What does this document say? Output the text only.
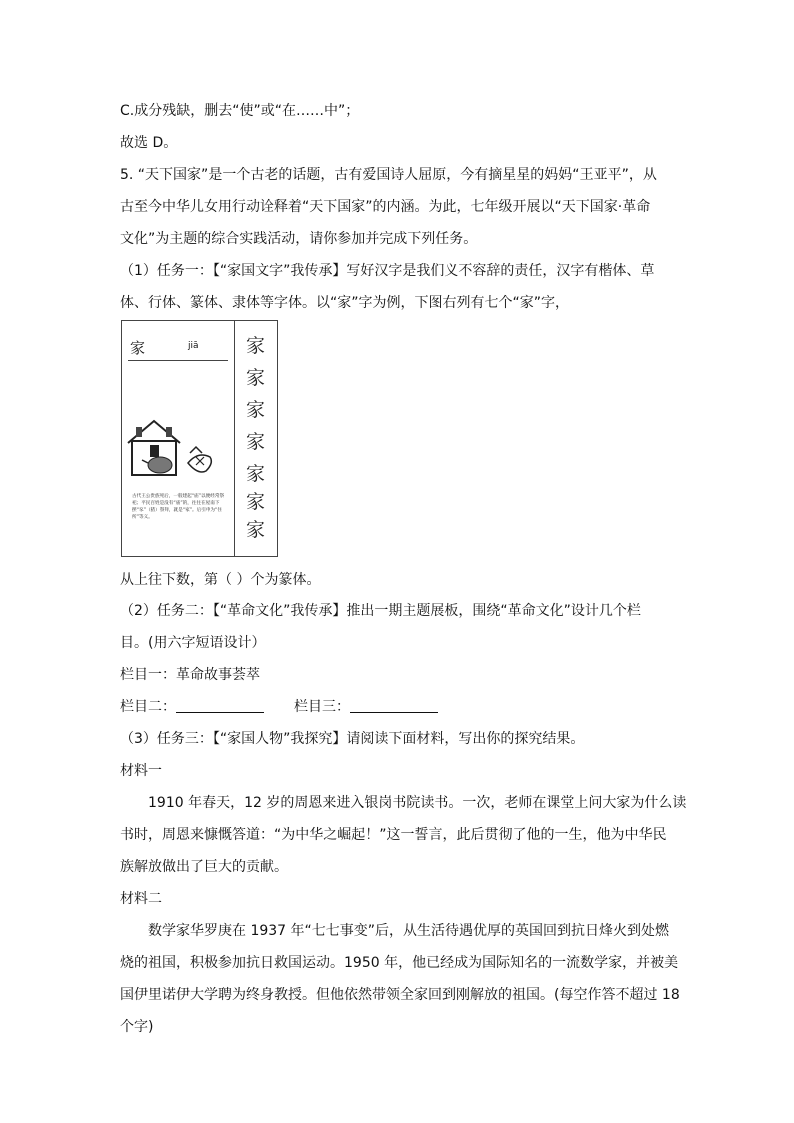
C.成分残缺，删去“使”或“在……中”；
故选 D。
5. “天下国家”是一个古老的话题，古有爱国诗人屈原，今有摘星星的妈妈“王亚平”，从
古至今中华儿女用行动诠释着“天下国家”的内涵。为此，七年级开展以“天下国家·革命
文化”为主题的综合实践活动，请你参加并完成下列任务。
（1）任务一：【“家国文字”我传承】写好汉字是我们义不容辞的责任，汉字有楷体、草
体、行体、篆体、隶体等字体。以“家”字为例，下图右列有七个“家”字，
家	jiā
古代王公贵族死后，一般建起“庙”以便经常祭祀；平民百姓是没有“庙”的，往往在屋南下摆“豕”（猪）祭拜，就是“家”。后引申为“住所”等义。
家
家
家
家
家
家
家
从上往下数，第（ ）个为篆体。
（2）任务二：【“革命文化”我传承】推出一期主题展板，围绕“革命文化”设计几个栏
目。(用六字短语设计）
栏目一：革命故事荟萃
栏目二：	栏目三：
（3）任务三：【“家国人物”我探究】请阅读下面材料，写出你的探究结果。
材料一
1910 年春天，12 岁的周恩来进入银岗书院读书。一次，老师在课堂上问大家为什么读
书时，周恩来慷慨答道：“为中华之崛起！”这一誓言，此后贯彻了他的一生，他为中华民
族解放做出了巨大的贡献。
材料二
数学家华罗庚在 1937 年“七七事变”后，从生活待遇优厚的英国回到抗日烽火到处燃
烧的祖国，积极参加抗日救国运动。1950 年，他已经成为国际知名的一流数学家，并被美
国伊里诺伊大学聘为终身教授。但他依然带领全家回到刚解放的祖国。(每空作答不超过 18
个字)
